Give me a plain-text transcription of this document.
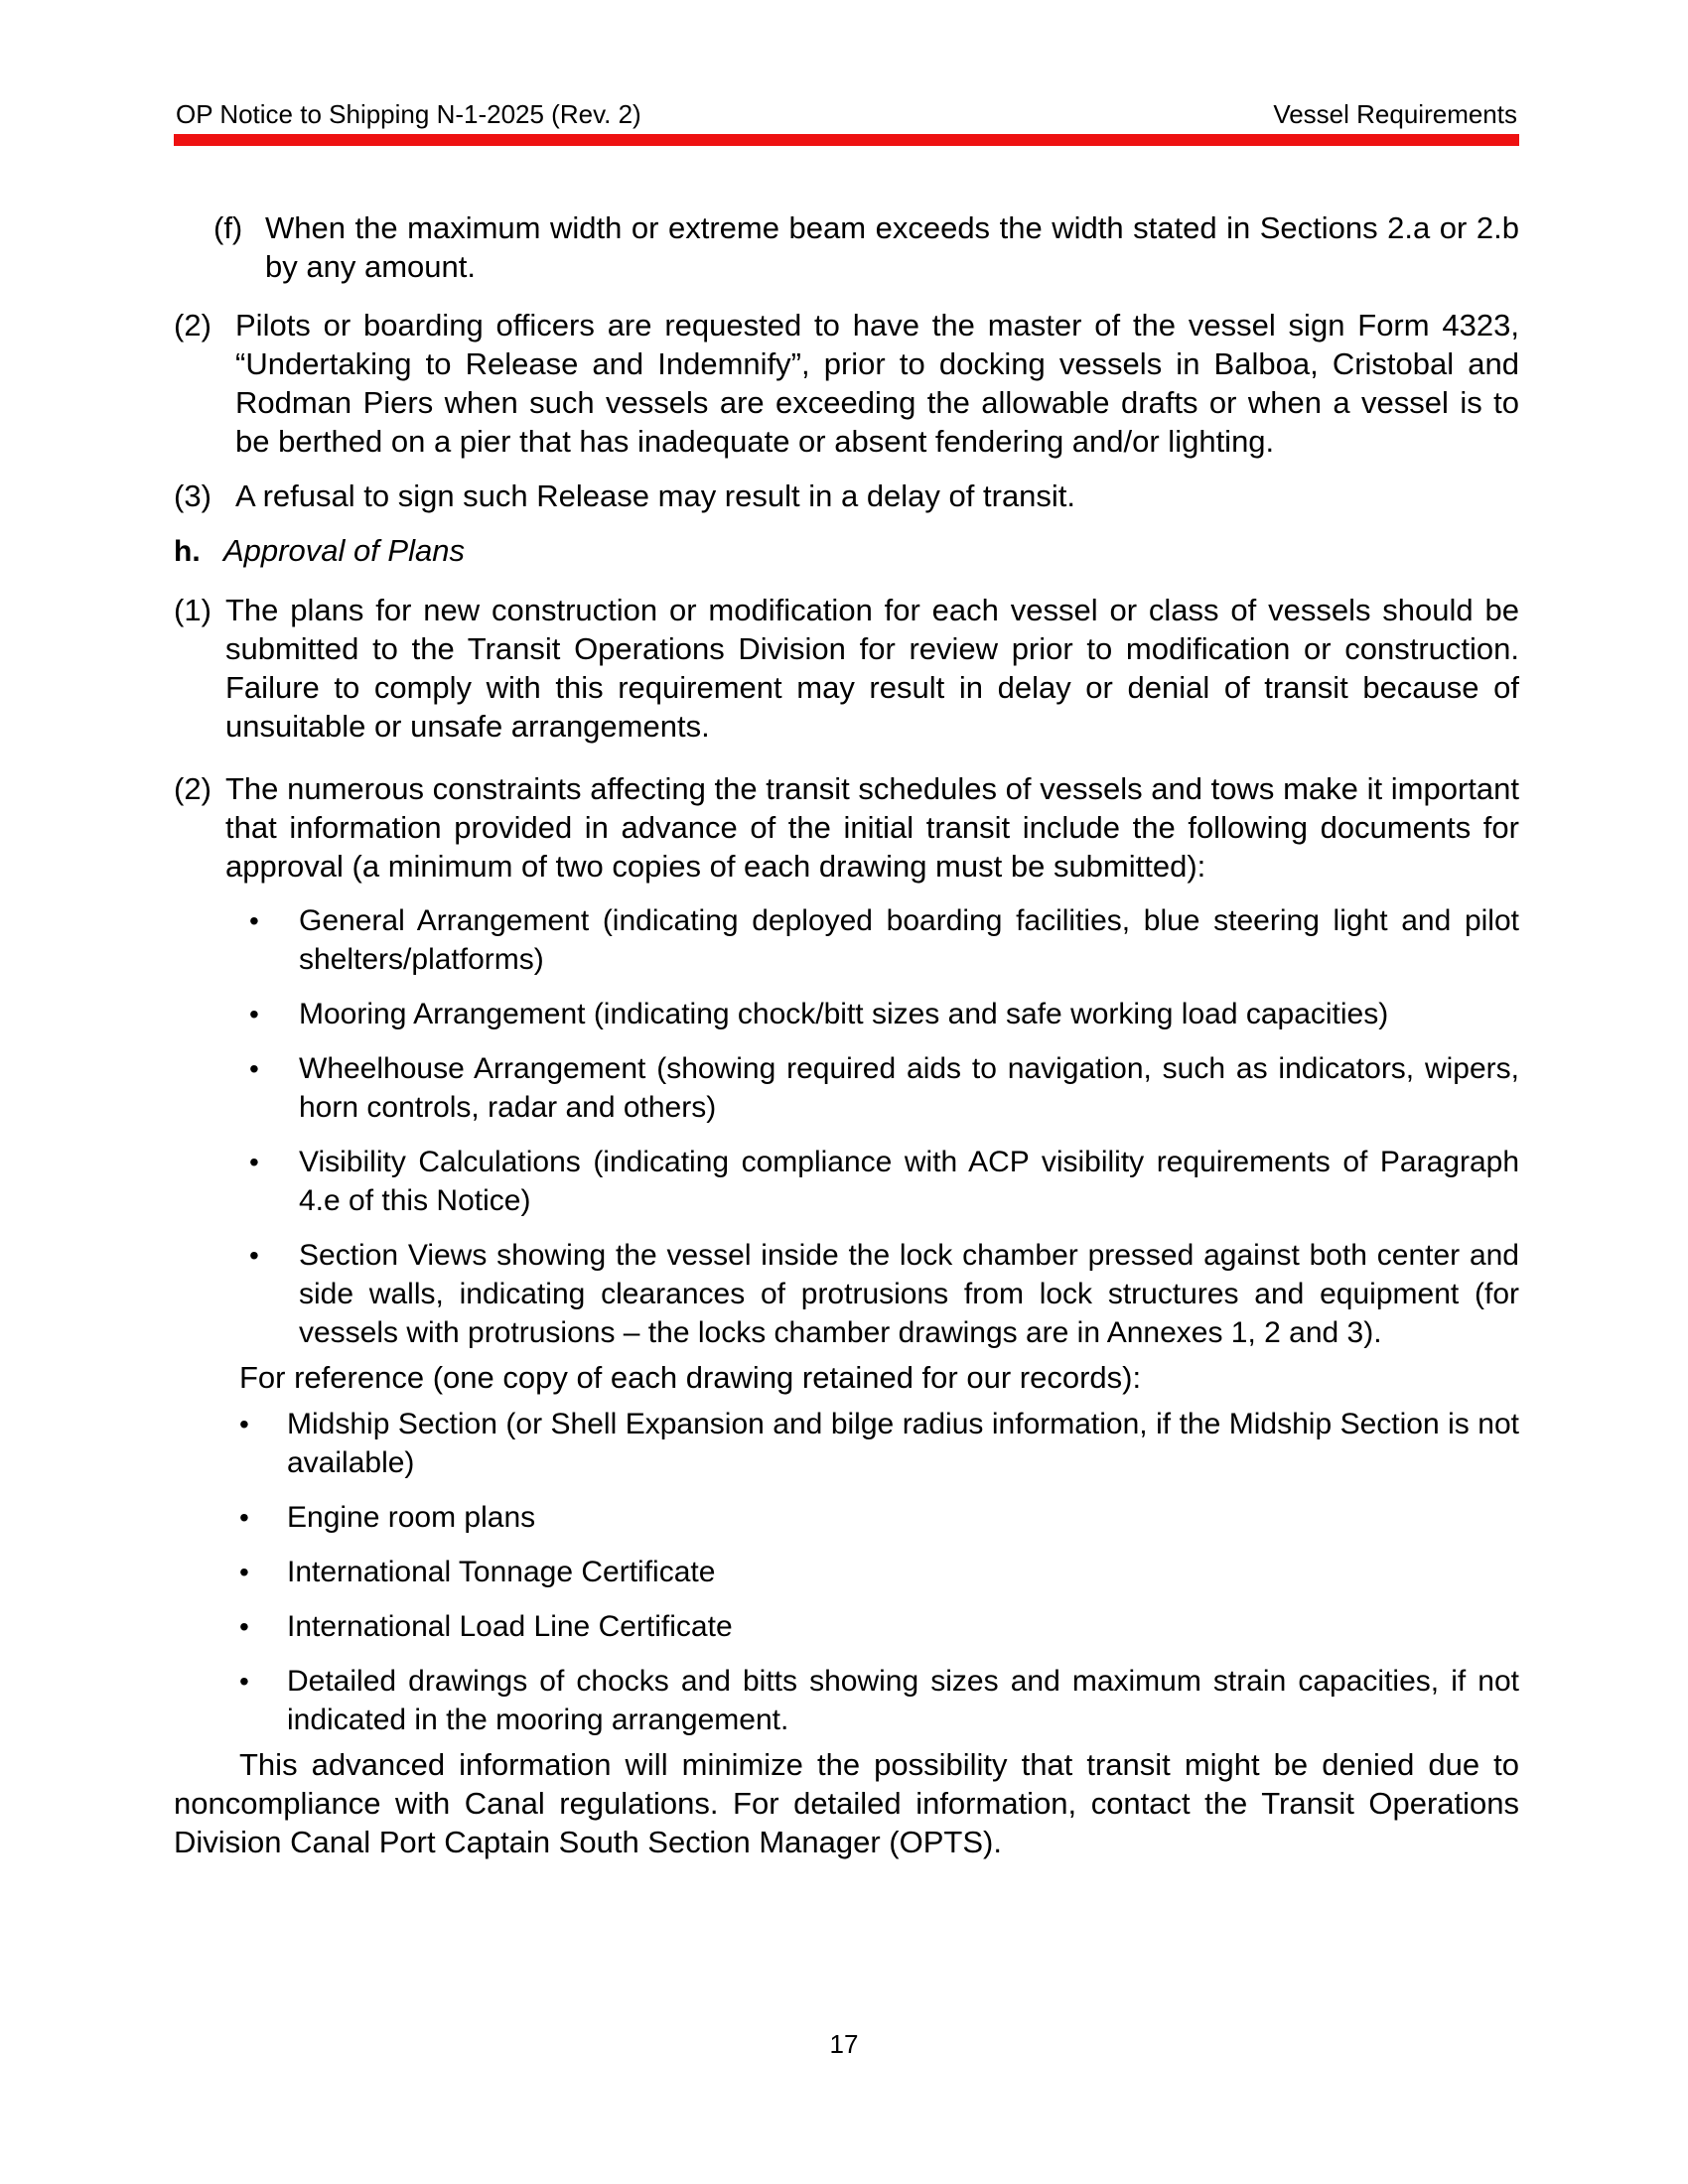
OP Notice to Shipping N-1-2025 (Rev. 2)	Vessel Requirements

(f) When the maximum width or extreme beam exceeds the width stated in Sections 2.a or 2.b by any amount.

(2) Pilots or boarding officers are requested to have the master of the vessel sign Form 4323, “Undertaking to Release and Indemnify”, prior to docking vessels in Balboa, Cristobal and Rodman Piers when such vessels are exceeding the allowable drafts or when a vessel is to be berthed on a pier that has inadequate or absent fendering and/or lighting.

(3) A refusal to sign such Release may result in a delay of transit.

h. Approval of Plans

(1) The plans for new construction or modification for each vessel or class of vessels should be submitted to the Transit Operations Division for review prior to modification or construction. Failure to comply with this requirement may result in delay or denial of transit because of unsuitable or unsafe arrangements.

(2) The numerous constraints affecting the transit schedules of vessels and tows make it important that information provided in advance of the initial transit include the following documents for approval (a minimum of two copies of each drawing must be submitted):

• General Arrangement (indicating deployed boarding facilities, blue steering light and pilot shelters/platforms)
• Mooring Arrangement (indicating chock/bitt sizes and safe working load capacities)
• Wheelhouse Arrangement (showing required aids to navigation, such as indicators, wipers, horn controls, radar and others)
• Visibility Calculations (indicating compliance with ACP visibility requirements of Paragraph 4.e of this Notice)
• Section Views showing the vessel inside the lock chamber pressed against both center and side walls, indicating clearances of protrusions from lock structures and equipment (for vessels with protrusions – the locks chamber drawings are in Annexes 1, 2 and 3).

For reference (one copy of each drawing retained for our records):

• Midship Section (or Shell Expansion and bilge radius information, if the Midship Section is not available)
• Engine room plans
• International Tonnage Certificate
• International Load Line Certificate
• Detailed drawings of chocks and bitts showing sizes and maximum strain capacities, if not indicated in the mooring arrangement.

This advanced information will minimize the possibility that transit might be denied due to noncompliance with Canal regulations. For detailed information, contact the Transit Operations Division Canal Port Captain South Section Manager (OPTS).

17
